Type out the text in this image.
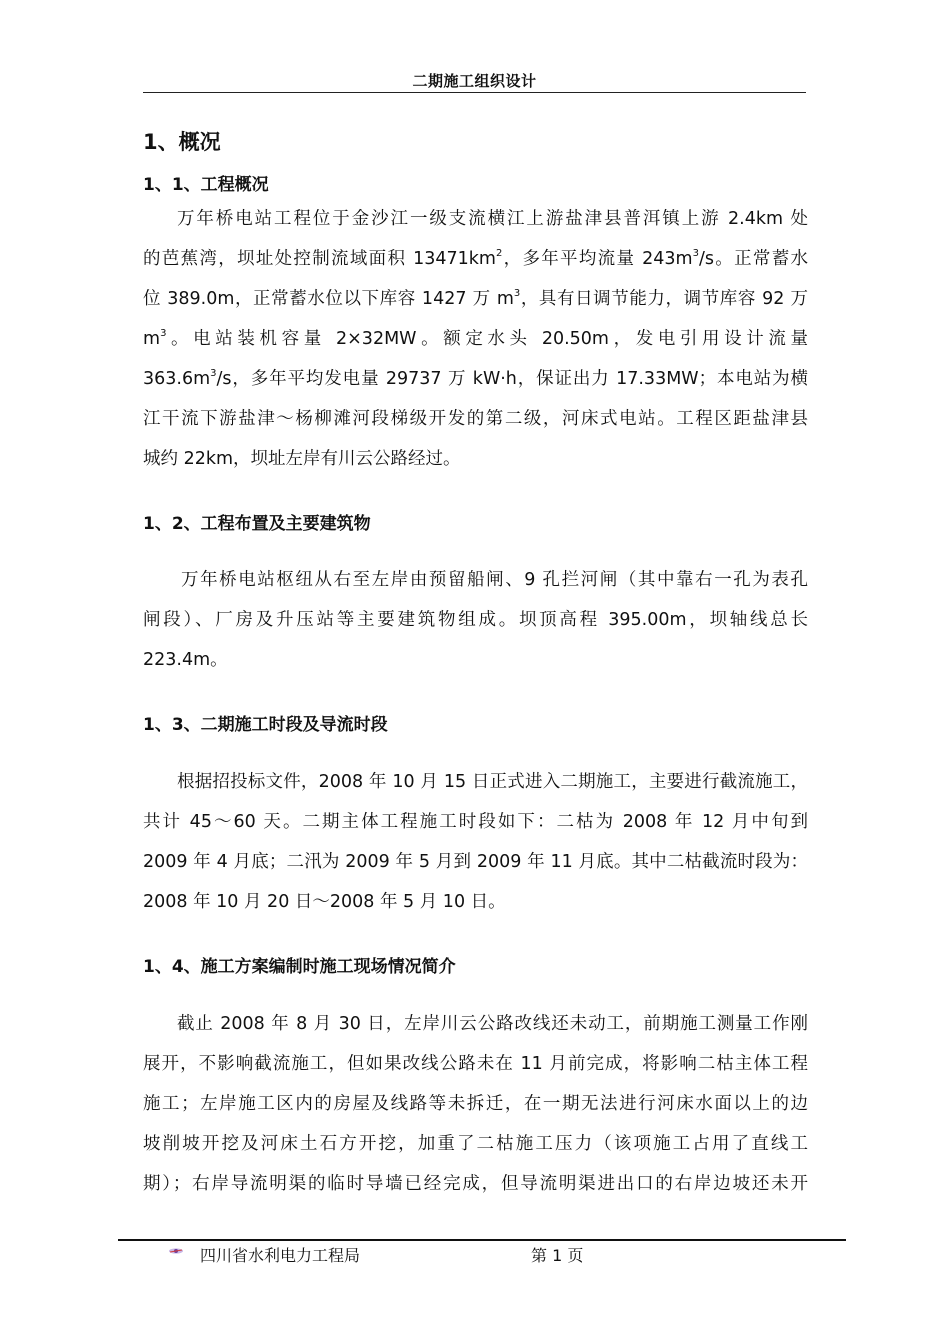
二期施工组织设计
1、概况
1、1、工程概况
万年桥电站工程位于金沙江一级支流横江上游盐津县普洱镇上游 2.4km 处
的芭蕉湾，坝址处控制流域面积 $13471km^2$，多年平均流量 $243m^3/s$。正常蓄水
位 389.0m，正常蓄水位以下库容 1427 万 $m^3$，具有日调节能力，调节库容 92 万
$m^3$。电站装机容量 2×32MW。额定水头 20.50m，发电引用设计流量
$363.6m^3/s$，多年平均发电量 29737 万 kW·h，保证出力 17.33MW；本电站为横
江干流下游盐津～杨柳滩河段梯级开发的第二级，河床式电站。工程区距盐津县
城约 22km，坝址左岸有川云公路经过。
1、2、工程布置及主要建筑物
万年桥电站枢纽从右至左岸由预留船闸、9 孔拦河闸（其中靠右一孔为表孔
闸段）、厂房及升压站等主要建筑物组成。坝顶高程 395.00m，坝轴线总长
223.4m。
1、3、二期施工时段及导流时段
根据招投标文件，2008 年 10 月 15 日正式进入二期施工，主要进行截流施工，
共计 45～60 天。二期主体工程施工时段如下：二枯为 2008 年 12 月中旬到
2009 年 4 月底；二汛为 2009 年 5 月到 2009 年 11 月底。其中二枯截流时段为：
2008 年 10 月 20 日～2008 年 5 月 10 日。
1、4、施工方案编制时施工现场情况简介
截止 2008 年 8 月 30 日，左岸川云公路改线还未动工，前期施工测量工作刚
展开，不影响截流施工，但如果改线公路未在 11 月前完成，将影响二枯主体工程
施工；左岸施工区内的房屋及线路等未拆迁，在一期无法进行河床水面以上的边
坡削坡开挖及河床土石方开挖，加重了二枯施工压力（该项施工占用了直线工
期）；右岸导流明渠的临时导墙已经完成，但导流明渠进出口的右岸边坡还未开
四川省水利电力工程局	第 1 页
